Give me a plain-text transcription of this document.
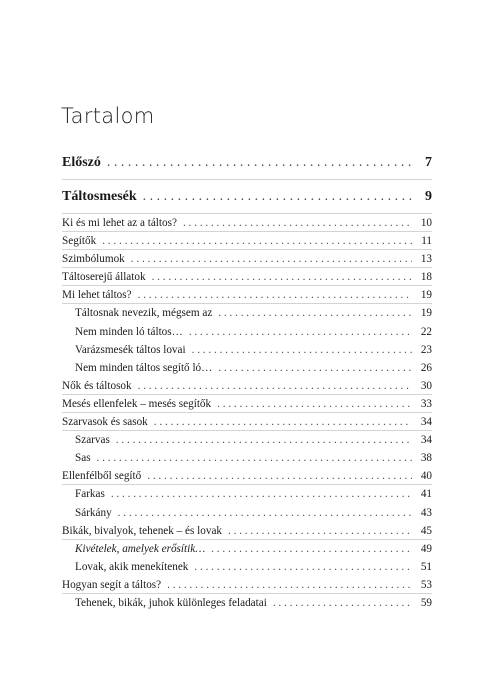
Tartalom
Előszó . . .	7
Táltosmesék . . .	9
Ki és mi lehet az a táltos? . . .	10
Segítők . . .	11
Szimbólumok . . .	13
Táltoserejű állatok . . .	18
Mi lehet táltos? . . .	19
Táltosnak nevezik, mégsem az . . .	19
Nem minden ló táltos… . . .	22
Varázsmesék táltos lovai . . .	23
Nem minden táltos segítő ló… . . .	26
Nők és táltosok . . .	30
Mesés ellenfelek – mesés segítők . . .	33
Szarvasok és sasok . . .	34
Szarvas . . .	34
Sas . . .	38
Ellenfélből segítő . . .	40
Farkas . . .	41
Sárkány . . .	43
Bikák, bivalyok, tehenek – és lovak . . .	45
Kivételek, amelyek erősítik… . . .	49
Lovak, akik menekítenek . . .	51
Hogyan segít a táltos? . . .	53
Tehenek, bikák, juhok különleges feladatai . . .	59
